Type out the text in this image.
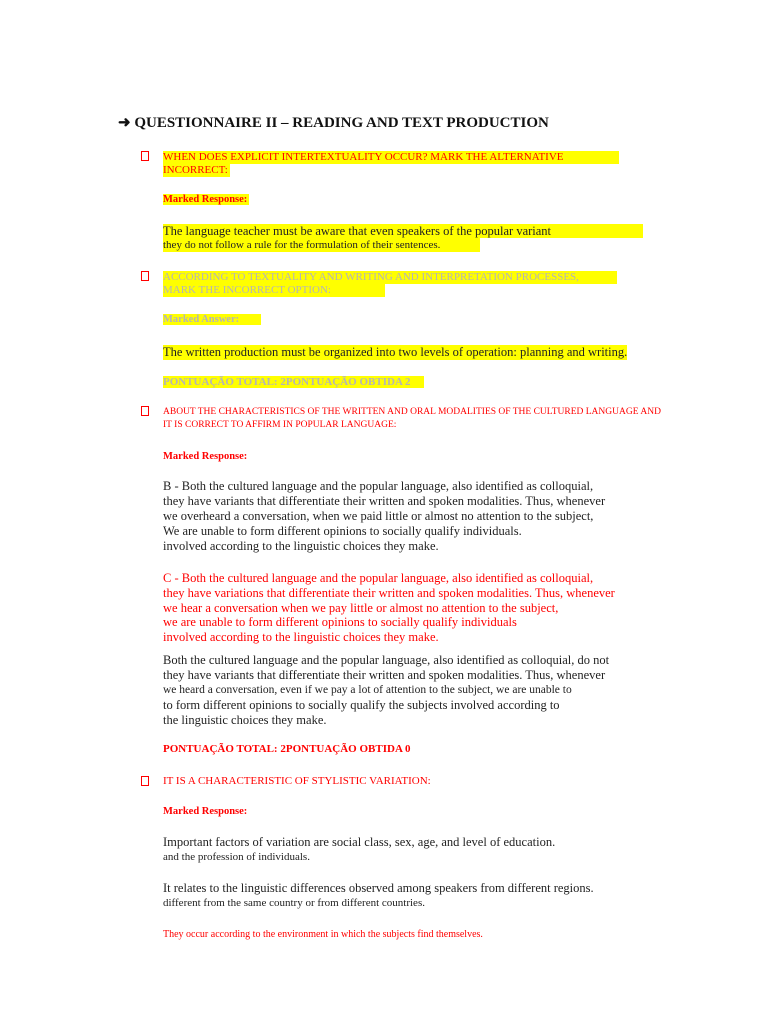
➜ QUESTIONNAIRE II – READING AND TEXT PRODUCTION
WHEN DOES EXPLICIT INTERTEXTUALITY OCCUR? MARK THE ALTERNATIVE
INCORRECT:
Marked Response:
The language teacher must be aware that even speakers of the popular variant
they do not follow a rule for the formulation of their sentences.
ACCORDING TO TEXTUALITY AND WRITING AND INTERPRETATION PROCESSES,
MARK THE INCORRECT OPTION:
Marked Answer:
The written production must be organized into two levels of operation: planning and writing.
PONTUAÇÃO TOTAL: 2PONTUAÇÃO OBTIDA 2
ABOUT THE CHARACTERISTICS OF THE WRITTEN AND ORAL MODALITIES OF THE CULTURED LANGUAGE AND
IT IS CORRECT TO AFFIRM IN POPULAR LANGUAGE:
Marked Response:
B - Both the cultured language and the popular language, also identified as colloquial,
they have variants that differentiate their written and spoken modalities. Thus, whenever
we overheard a conversation, when we paid little or almost no attention to the subject,
We are unable to form different opinions to socially qualify individuals.
involved according to the linguistic choices they make.
C - Both the cultured language and the popular language, also identified as colloquial,
they have variations that differentiate their written and spoken modalities. Thus, whenever
we hear a conversation when we pay little or almost no attention to the subject,
we are unable to form different opinions to socially qualify individuals
involved according to the linguistic choices they make.
Both the cultured language and the popular language, also identified as colloquial, do not
they have variants that differentiate their written and spoken modalities. Thus, whenever
we heard a conversation, even if we pay a lot of attention to the subject, we are unable to
to form different opinions to socially qualify the subjects involved according to
the linguistic choices they make.
PONTUAÇÃO TOTAL: 2PONTUAÇÃO OBTIDA 0
IT IS A CHARACTERISTIC OF STYLISTIC VARIATION:
Marked Response:
Important factors of variation are social class, sex, age, and level of education.
and the profession of individuals.
It relates to the linguistic differences observed among speakers from different regions.
different from the same country or from different countries.
They occur according to the environment in which the subjects find themselves.
